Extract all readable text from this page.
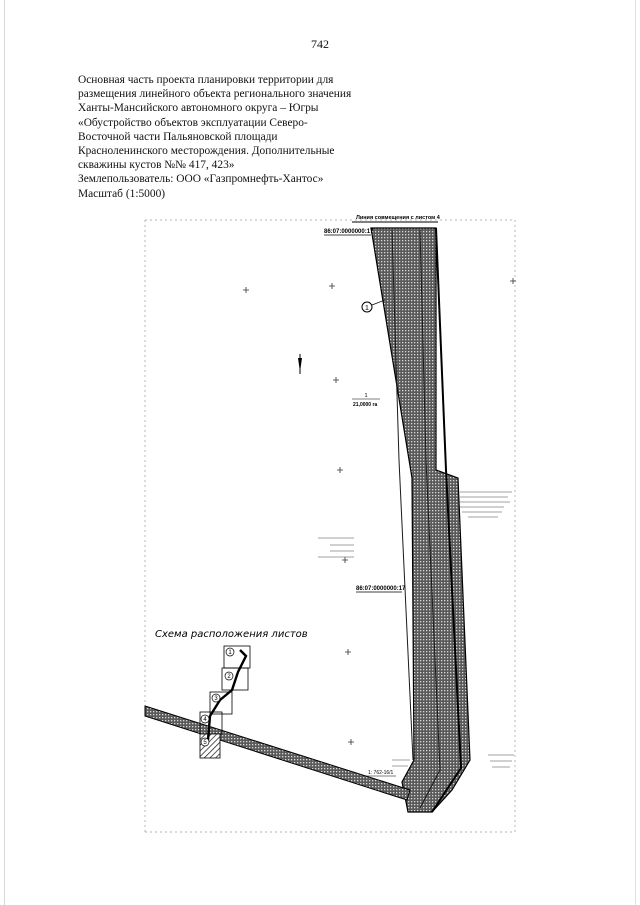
742
Основная часть проекта планировки территории для
размещения линейного объекта регионального значения
Ханты-Мансийского автономного округа – Югры
«Обустройство объектов эксплуатации Северо-
Восточной части Пальяновской площади
Красноленинского месторождения. Дополнительные
скважины кустов №№ 417, 423»
Землепользователь: ООО «Газпромнефть-Хантос»
Масштаб (1:5000)
Линия совмещения с листом 4
86:07:0000000:17
86:07:0000000:17
1
1
21,0000 га
1: 762-16/1
Схема расположения листов
1
2
3
4
5
